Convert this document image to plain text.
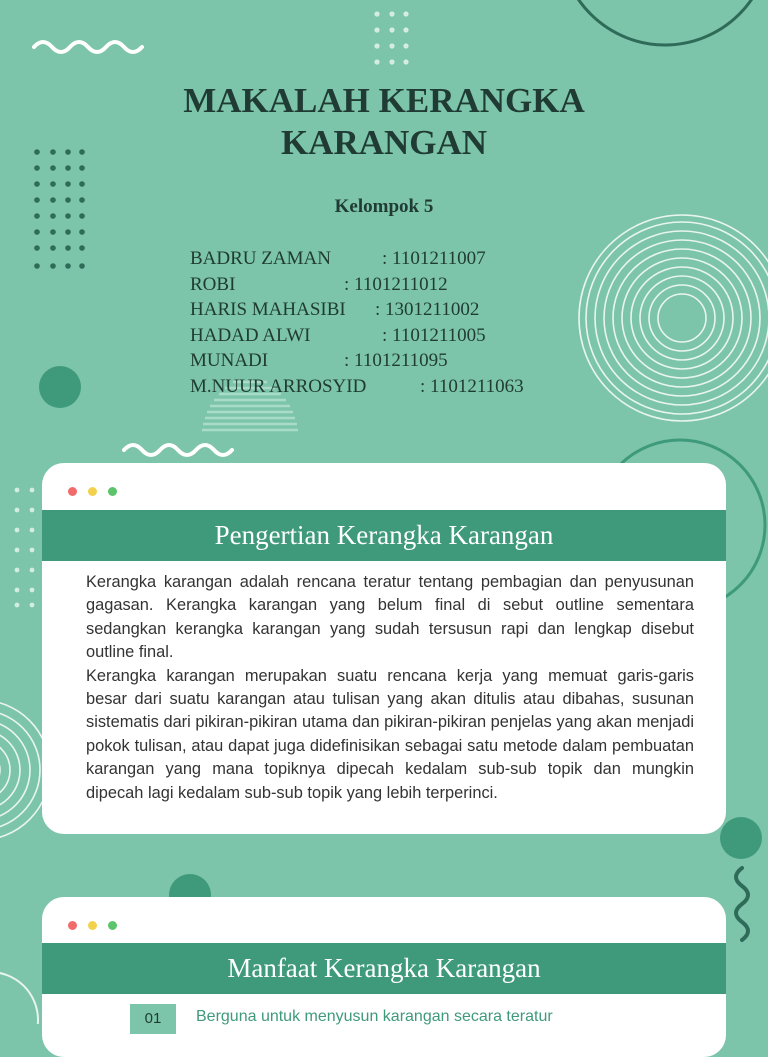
MAKALAH KERANGKA
KARANGAN
Kelompok 5
BADRU ZAMAN	: 1101211007
ROBI	: 1101211012
HARIS MAHASIBI : 1301211002
HADAD ALWI	: 1101211005
MUNADI	: 1101211095
M.NUUR ARROSYID	: 1101211063
Pengertian Kerangka Karangan

Kerangka karangan adalah rencana teratur tentang pembagian dan penyusunan gagasan. Kerangka karangan yang belum final di sebut outline sementara sedangkan kerangka karangan yang sudah tersusun rapi dan lengkap disebut outline final.

Kerangka karangan merupakan suatu rencana kerja yang memuat garis-garis besar dari suatu karangan atau tulisan yang akan ditulis atau dibahas, susunan sistematis dari pikiran-pikiran utama dan pikiran-pikiran penjelas yang akan menjadi pokok tulisan, atau dapat juga didefinisikan sebagai satu metode dalam pembuatan karangan yang mana topiknya dipecah kedalam sub-sub topik dan mungkin dipecah lagi kedalam sub-sub topik yang lebih terperinci.

Manfaat Kerangka Karangan
01	Berguna untuk menyusun karangan secara teratur
